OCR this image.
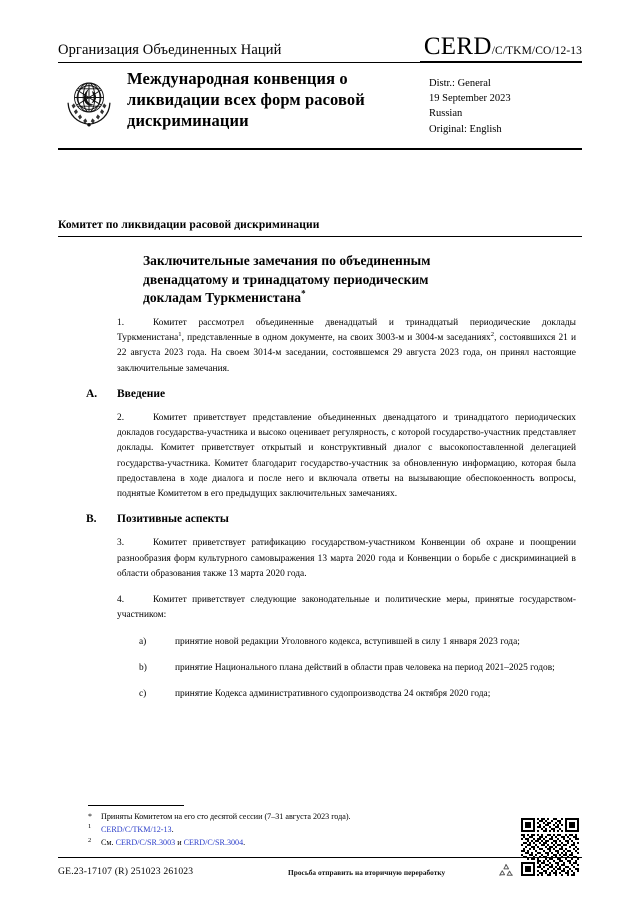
Организация Объединенных Наций	CERD /C/TKM/CO/12-13
Международная конвенция о ликвидации всех форм расовой дискриминации
Distr.: General
19 September 2023
Russian
Original: English
Комитет по ликвидации расовой дискриминации
Заключительные замечания по объединенным двенадцатому и тринадцатому периодическим докладам Туркменистана*

1.	Комитет рассмотрел объединенные двенадцатый и тринадцатый периодические доклады Туркменистана$^1$, представленные в одном документе, на своих 3003-м и 3004-м заседаниях$^2$, состоявшихся 21 и 22 августа 2023 года. На своем 3014-м заседании, состоявшемся 29 августа 2023 года, он принял настоящие заключительные замечания.

A. Введение

2.	Комитет приветствует представление объединенных двенадцатого и тринадцатого периодических докладов государства-участника и высоко оценивает регулярность, с которой государство-участник представляет доклады. Комитет приветствует открытый и конструктивный диалог с высокопоставленной делегацией государства-участника. Комитет благодарит государство-участник за обновленную информацию, которая была предоставлена в ходе диалога и после него и включала ответы на вызывающие обеспокоенность вопросы, поднятые Комитетом в его предыдущих заключительных замечаниях.

B. Позитивные аспекты

3.	Комитет приветствует ратификацию государством-участником Конвенции об охране и поощрении разнообразия форм культурного самовыражения 13 марта 2020 года и Конвенции о борьбе с дискриминацией в области образования также 13 марта 2020 года.

4.	Комитет приветствует следующие законодательные и политические меры, принятые государством-участником:

a)	принятие новой редакции Уголовного кодекса, вступившей в силу 1 января 2023 года;

b)	принятие Национального плана действий в области прав человека на период 2021–2025 годов;

c)	принятие Кодекса административного судопроизводства 24 октября 2020 года;

* Приняты Комитетом на его сто десятой сессии (7–31 августа 2023 года).
1 CERD/C/TKM/12-13.
2 См. CERD/C/SR.3003 и CERD/C/SR.3004.
GE.23-17107 (R) 251023 261023	Просьба отправить на вторичную переработку
